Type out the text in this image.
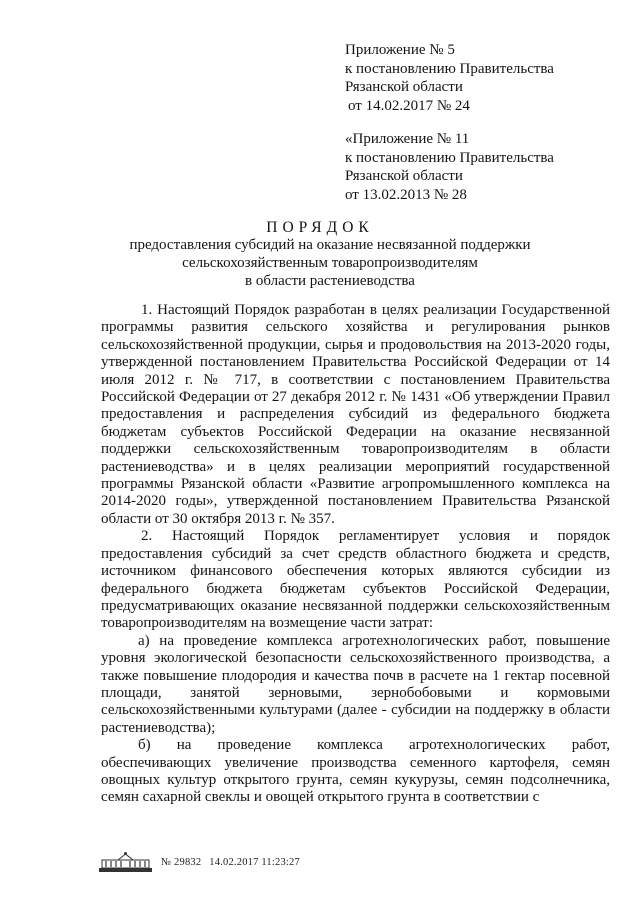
Приложение № 5
к постановлению Правительства
Рязанской области
от 14.02.2017 № 24
«Приложение № 11
к постановлению Правительства
Рязанской области
от 13.02.2013 № 28
ПОРЯДОК
предоставления субсидий на оказание несвязанной поддержки
сельскохозяйственным товаропроизводителям
в области растениеводства

1. Настоящий Порядок разработан в целях реализации Государственной программы развития сельского хозяйства и регулирования рынков сельскохозяйственной продукции, сырья и продовольствия на 2013-2020 годы, утвержденной постановлением Правительства Российской Федерации от 14 июля 2012 г. № 717, в соответствии с постановлением Правительства Российской Федерации от 27 декабря 2012 г. № 1431 «Об утверждении Правил предоставления и распределения субсидий из федерального бюджета бюджетам субъектов Российской Федерации на оказание несвязанной поддержки сельскохозяйственным товаропроизводителям в области растениеводства» и в целях реализации мероприятий государственной программы Рязанской области «Развитие агропромышленного комплекса на 2014-2020 годы», утвержденной постановлением Правительства Рязанской области от 30 октября 2013 г. № 357.

2. Настоящий Порядок регламентирует условия и порядок предоставления субсидий за счет средств областного бюджета и средств, источником финансового обеспечения которых являются субсидии из федерального бюджета бюджетам субъектов Российской Федерации, предусматривающих оказание несвязанной поддержки сельскохозяйственным товаропроизводителям на возмещение части затрат:

а) на проведение комплекса агротехнологических работ, повышение уровня экологической безопасности сельскохозяйственного производства, а также повышение плодородия и качества почв в расчете на 1 гектар посевной площади, занятой зерновыми, зернобобовыми и кормовыми сельскохозяйственными культурами (далее - субсидии на поддержку в области растениеводства);

б) на проведение комплекса агротехнологических работ, обеспечивающих увеличение производства семенного картофеля, семян овощных культур открытого грунта, семян кукурузы, семян подсолнечника, семян сахарной свеклы и овощей открытого грунта в соответствии с

№ 29832 14.02.2017 11:23:27
